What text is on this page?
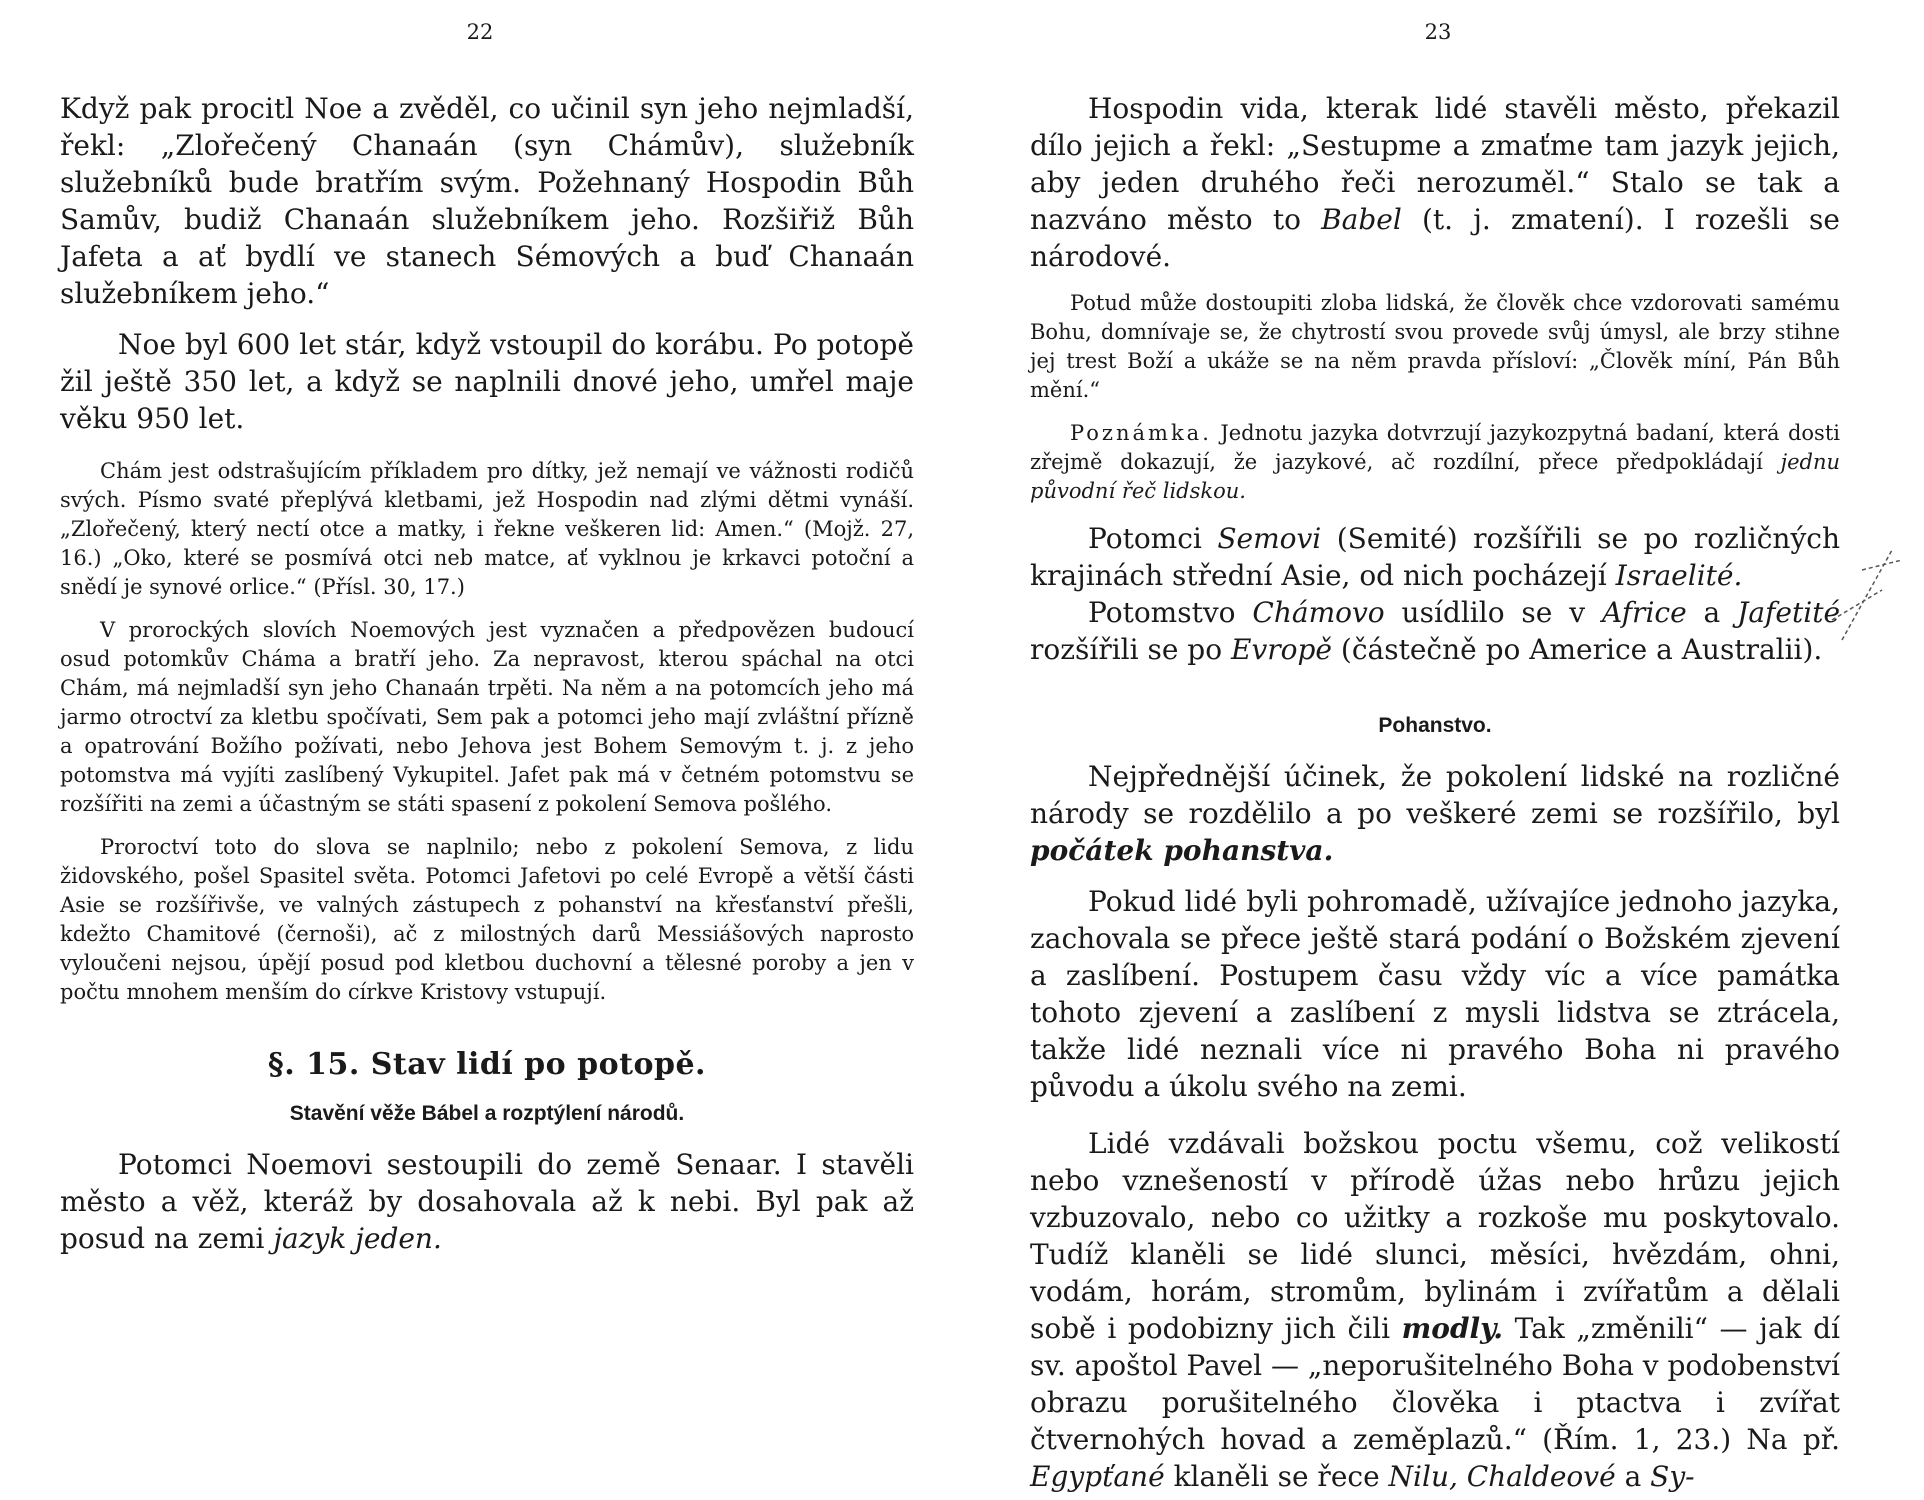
22

Když pak procitl Noe a zvěděl, co učinil syn jeho nejmladší, řekl: „Zlořečený Chanaán (syn Chámův), služebník služebníků bude bratřím svým. Požehnaný Hospodin Bůh Samův, budiž Chanaán služebníkem jeho. Rozšiřiž Bůh Jafeta a ať bydlí ve stanech Sémových a buď Chanaán služebníkem jeho.“

Noe byl 600 let stár, když vstoupil do korábu. Po potopě žil ještě 350 let, a když se naplnili dnové jeho, umřel maje věku 950 let.

Chám jest odstrašujícím příkladem pro dítky, jež nemají ve vážnosti rodičů svých. Písmo svaté přeplývá kletbami, jež Hospodin nad zlými dětmi vynáší. „Zlořečený, který nectí otce a matky, i řekne veškeren lid: Amen.“ (Mojž. 27, 16.) „Oko, které se posmívá otci neb matce, ať vyklnou je krkavci potoční a snědí je synové orlice.“ (Přísl. 30, 17.)

V prorockých slovích Noemových jest vyznačen a předpovězen budoucí osud potomkův Cháma a bratří jeho. Za nepravost, kterou spáchal na otci Chám, má nejmladší syn jeho Chanaán trpěti. Na něm a na potomcích jeho má jarmo otroctví za kletbu spočívati, Sem pak a potomci jeho mají zvláštní přízně a opatrování Božího požívati, nebo Jehova jest Bohem Semovým t. j. z jeho potomstva má vyjíti zaslíbený Vykupitel. Jafet pak má v četném potomstvu se rozšířiti na zemi a účastným se státi spasení z pokolení Semova pošlého.

Proroctví toto do slova se naplnilo; nebo z pokolení Semova, z lidu židovského, pošel Spasitel světa. Potomci Jafetovi po celé Evropě a větší části Asie se rozšířivše, ve valných zástupech z pohanství na křesťanství přešli, kdežto Chamitové (černoši), ač z milostných darů Messiášových naprosto vyloučeni nejsou, úpějí posud pod kletbou duchovní a tělesné poroby a jen v počtu mnohem menším do církve Kristovy vstupují.

§. 15. Stav lidí po potopě.

Stavění věže Bábel a rozptýlení národů.

Potomci Noemovi sestoupili do země Senaar. I stavěli město a věž, kteráž by dosahovala až k nebi. Byl pak až posud na zemi jazyk jeden.

23

Hospodin vida, kterak lidé stavěli město, překazil dílo jejich a řekl: „Sestupme a zmaťme tam jazyk jejich, aby jeden druhého řeči nerozuměl.“ Stalo se tak a nazváno město to Babel (t. j. zmatení). I rozešli se národové.

Potud může dostoupiti zloba lidská, že člověk chce vzdorovati samému Bohu, domnívaje se, že chytrostí svou provede svůj úmysl, ale brzy stihne jej trest Boží a ukáže se na něm pravda přísloví: „Člověk míní, Pán Bůh mění.“

Poznámka. Jednotu jazyka dotvrzují jazykozpytná badaní, která dosti zřejmě dokazují, že jazykové, ač rozdílní, přece předpokládají jednu původní řeč lidskou.

Potomci Semovi (Semité) rozšířili se po rozličných krajinách střední Asie, od nich pocházejí Israelité.

Potomstvo Chámovo usídlilo se v Africe a Jafetité rozšířili se po Evropě (částečně po Americe a Australii).

Pohanstvo.

Nejpřednější účinek, že pokolení lidské na rozličné národy se rozdělilo a po veškeré zemi se rozšířilo, byl počátek pohanstva.

Pokud lidé byli pohromadě, užívajíce jednoho jazyka, zachovala se přece ještě stará podání o Božském zjevení a zaslíbení. Postupem času vždy víc a více památka tohoto zjevení a zaslíbení z mysli lidstva se ztrácela, takže lidé neznali více ni pravého Boha ni pravého původu a úkolu svého na zemi.

Lidé vzdávali božskou poctu všemu, což velikostí nebo vznešeností v přírodě úžas nebo hrůzu jejich vzbuzovalo, nebo co užitky a rozkoše mu poskytovalo. Tudíž klaněli se lidé slunci, měsíci, hvězdám, ohni, vodám, horám, stromům, bylinám i zvířatům a dělali sobě i podobizny jich čili modly. Tak „změnili“ — jak dí sv. apoštol Pavel — „neporušitelného Boha v podobenství obrazu porušitelného člověka i ptactva i zvířat čtvernohých hovad a zeměplazů.“ (Řím. 1, 23.) Na př. Egypťané klaněli se řece Nilu, Chaldeové a Sy-
